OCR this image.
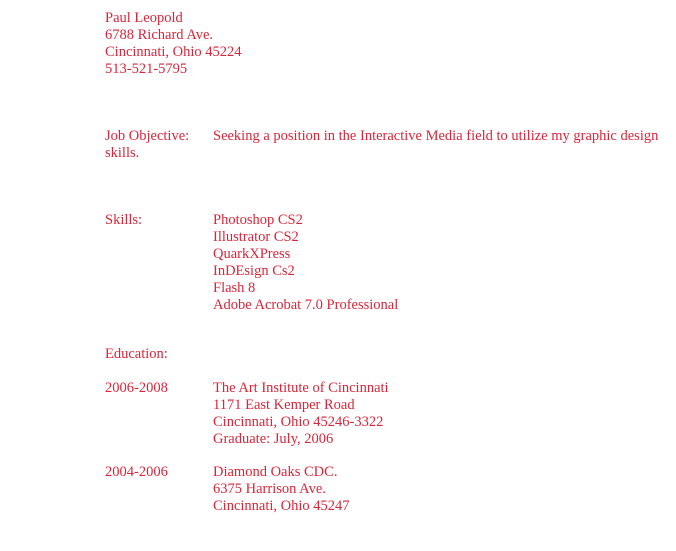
Paul Leopold
6788 Richard Ave.
Cincinnati, Ohio 45224
513-521-5795
Job Objective: Seeking a position in the Interactive Media field to utilize my graphic design
skills.
Skills:	Photoshop CS2
Illustrator CS2
QuarkXPress
InDEsign Cs2
Flash 8
Adobe Acrobat 7.0 Professional
Education:
2006-2008	The Art Institute of Cincinnati
1171 East Kemper Road
Cincinnati, Ohio 45246-3322
Graduate: July, 2006
2004-2006	Diamond Oaks CDC.
6375 Harrison Ave.
Cincinnati, Ohio 45247
